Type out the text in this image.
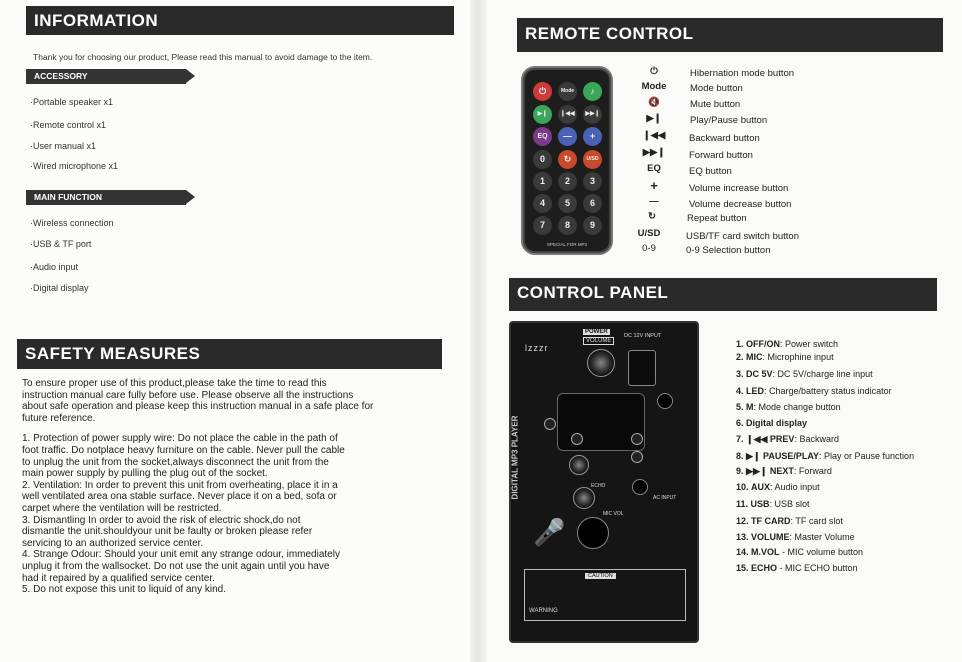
INFORMATION
Thank you for choosing our product, Please read this manual to avoid damage to the item.
ACCESSORY
·Portable speaker x1
·Remote control x1
·User manual x1
·Wired microphone x1
MAIN FUNCTION
·Wireless connection
·USB & TF port
·Audio input
·Digital display
SAFETY MEASURES

To ensure proper use of this product,please take the time to read this

instruction manual care fully before use. Please observe all the instructions

about safe operation and please keep this instruction manual in a safe place for

future reference.

1. Protection of power supply wire: Do not place the cable in the path of

foot traffic. Do notplace heavy furniture on the cable. Never pull the cable

to unplug the unit from the socket,always disconnect the unit from the

main power supply by pulling the plug out of the socket.

2. Ventilation: In order to prevent this unit from overheating, place it in a

well ventilated area ona stable surface. Never place it on a bed, sofa or

carpet where the ventilation will be restricted.

3. Dismantling In order to avoid the risk of electric shock,do not

dismantle the unit.shouldyour unit be faulty or broken please refer

servicing to an authorized service center.

4. Strange Odour: Should your unit emit any strange odour, immediately

unplug it from the wallsocket. Do not use the unit again until you have

had it repaired by a qualified service center.

5. Do not expose this unit to liquid of any kind.

REMOTE CONTROL
⏻	Mode	♪
▶❙	❙◀◀	▶▶❙
EQ	—	+
0	↻	U/SD
1	2	3
4	5	6
7	8	9
SPECIAL FOR MP3
⏻	Hibernation mode button
Mode	Mode button
🔇	Mute button
▶❙	Play/Pause button
❙◀◀	Backward button
▶▶❙	Forward button
EQ	EQ button
+	Volume increase button
—	Volume decrease button
↻	Repeat button
U/SD	USB/TF card switch button
0-9	0-9 Selection button
CONTROL PANEL
lzzzr
POWER
VOLUME
DC 12V INPUT
DIGITAL MP3 PLAYER	ECHO
MIC VOL
AC INPUT
🎤
CAUTION
WARNING
1. OFF/ON: Power switch
2. MIC: Microphine input
3. DC 5V: DC 5V/charge line input
4. LED: Charge/battery status indicator
5. M: Mode change button
6. Digital display
7. ❙◀◀ PREV: Backward
8. ▶❙ PAUSE/PLAY: Play or Pause function
9. ▶▶❙ NEXT: Forward
10. AUX: Audio input
11. USB: USB slot
12. TF CARD: TF card slot
13. VOLUME: Master Volume
14. M.VOL - MIC volume button
15. ECHO - MIC ECHO button
